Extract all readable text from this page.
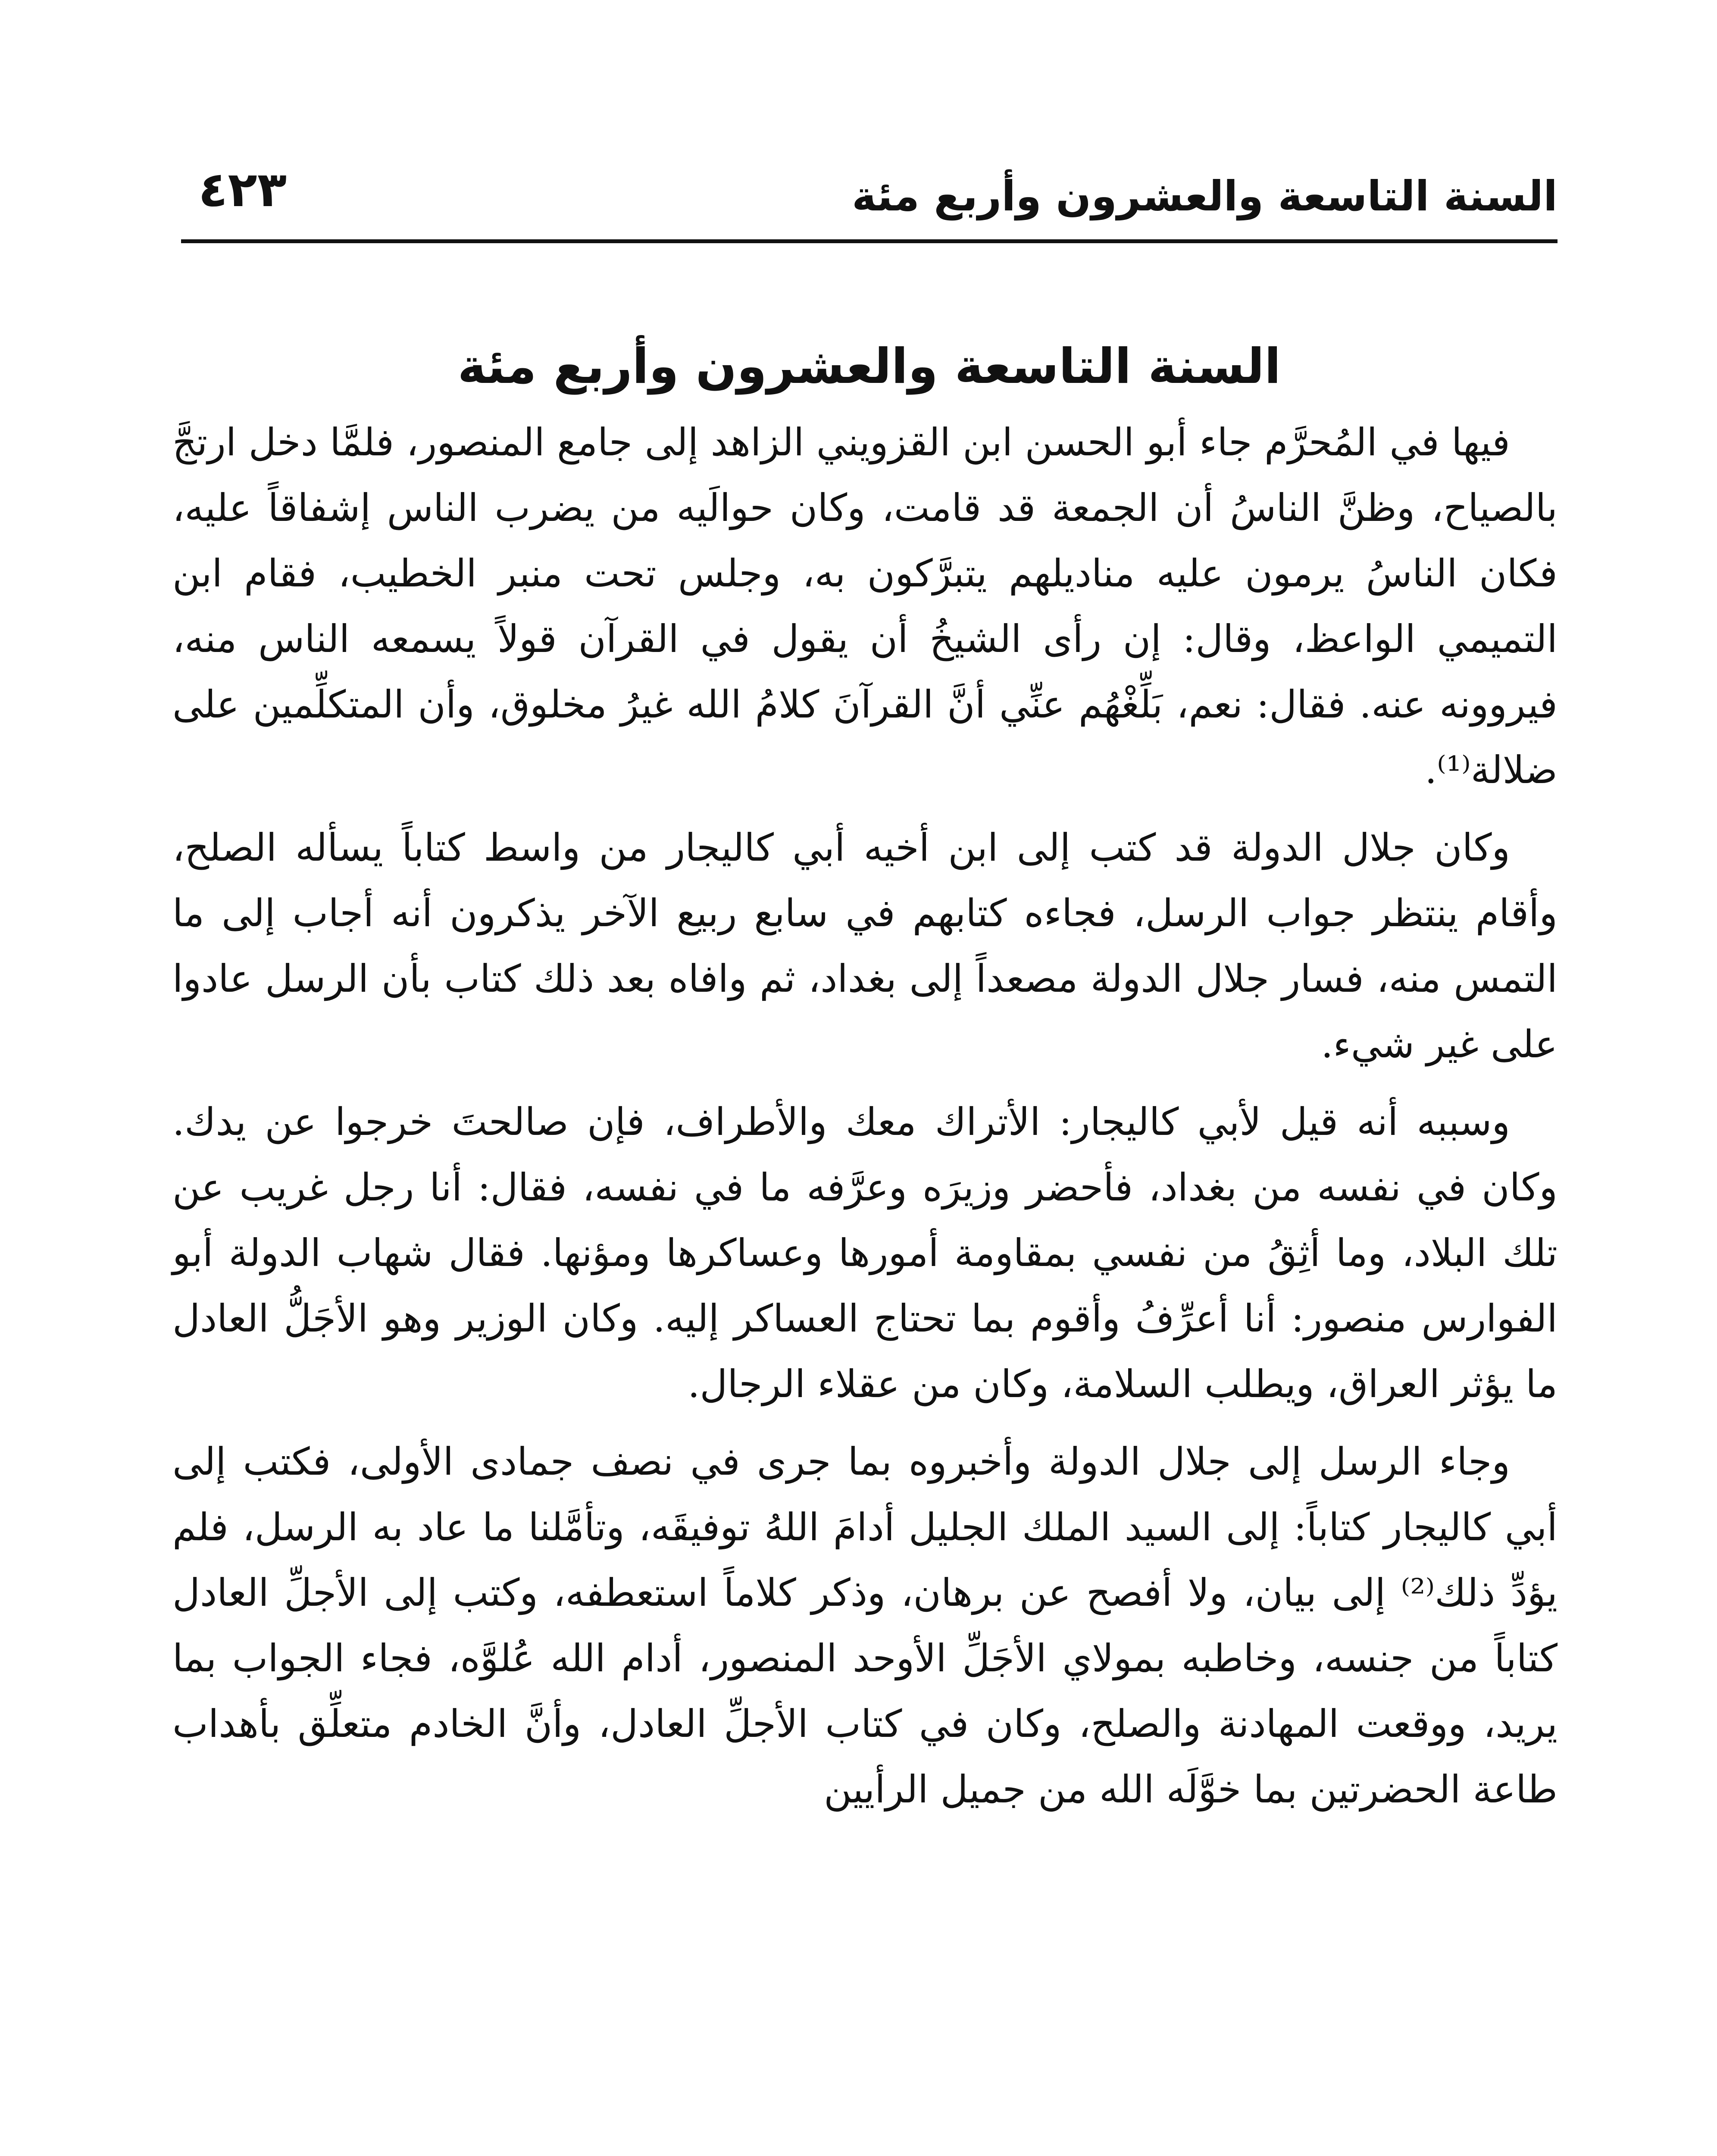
السنة التاسعة والعشرون وأربع مئة
٤٢٣
السنة التاسعة والعشرون وأربع مئة

فيها في المُحرَّم جاء أبو الحسن ابن القزويني الزاهد إلى جامع المنصور، فلمَّا دخل ارتجَّ بالصياح، وظنَّ الناسُ أن الجمعة قد قامت، وكان حوالَيه من يضرب الناس إشفاقاً عليه، فكان الناسُ يرمون عليه مناديلهم يتبرَّكون به، وجلس تحت منبر الخطيب، فقام ابن التميمي الواعظ، وقال: إن رأى الشيخُ أن يقول في القرآن قولاً يسمعه الناس منه، فيروونه عنه. فقال: نعم، بَلِّغْهُم عنِّي أنَّ القرآنَ كلامُ الله غيرُ مخلوق، وأن المتكلِّمين على ضلالة⁽¹⁾.

وكان جلال الدولة قد كتب إلى ابن أخيه أبي كاليجار من واسط كتاباً يسأله الصلح، وأقام ينتظر جواب الرسل، فجاءه كتابهم في سابع ربيع الآخر يذكرون أنه أجاب إلى ما التمس منه، فسار جلال الدولة مصعداً إلى بغداد، ثم وافاه بعد ذلك كتاب بأن الرسل عادوا على غير شيء.

وسببه أنه قيل لأبي كاليجار: الأتراك معك والأطراف، فإن صالحتَ خرجوا عن يدك. وكان في نفسه من بغداد، فأحضر وزيرَه وعرَّفه ما في نفسه، فقال: أنا رجل غريب عن تلك البلاد، وما أثِقُ من نفسي بمقاومة أمورها وعساكرها ومؤنها. فقال شهاب الدولة أبو الفوارس منصور: أنا أعرِّفُ وأقوم بما تحتاج العساكر إليه. وكان الوزير وهو الأجَلُّ العادل ما يؤثر العراق، ويطلب السلامة، وكان من عقلاء الرجال.

وجاء الرسل إلى جلال الدولة وأخبروه بما جرى في نصف جمادى الأولى، فكتب إلى أبي كاليجار كتاباً: إلى السيد الملك الجليل أدامَ اللهُ توفيقَه، وتأمَّلنا ما عاد به الرسل، فلم يؤدِّ ذلك⁽²⁾ إلى بيان، ولا أفصح عن برهان، وذكر كلاماً استعطفه، وكتب إلى الأجلِّ العادل كتاباً من جنسه، وخاطبه بمولاي الأجَلِّ الأوحد المنصور، أدام الله عُلوَّه، فجاء الجواب بما يريد، ووقعت المهادنة والصلح، وكان في كتاب الأجلِّ العادل، وأنَّ الخادم متعلِّق بأهداب طاعة الحضرتين بما خوَّلَه الله من جميل الرأيين
